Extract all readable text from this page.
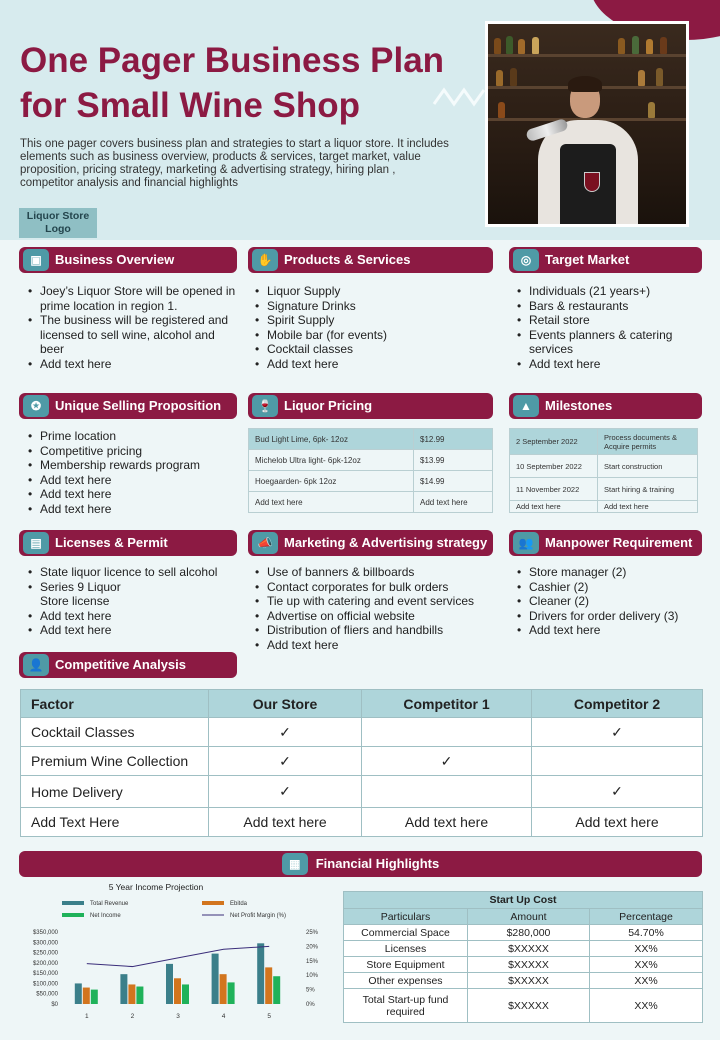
One Pager Business Plan for Small Wine Shop
This one pager covers business plan and strategies to start a liquor store. It includes elements such as business overview, products & services, target market, value proposition, pricing strategy, marketing & advertising strategy, hiring plan , competitor analysis and financial highlights
Liquor Store Logo
▣	Business Overview
• Joey’s Liquor Store will be opened in prime location in region 1.
• The business will be registered and licensed to sell wine, alcohol and beer
• Add text here
✋ Products & Services
• Liquor Supply
• Signature Drinks
• Spirit Supply
• Mobile bar (for events)
• Cocktail classes
• Add text here
◎	Target Market
• Individuals (21 years+)
• Bars & restaurants
• Retail store
• Events planners & catering services
• Add text here
✪	Unique Selling Proposition
• Prime location
• Competitive pricing
• Membership rewards program
• Add text here
• Add text here
• Add text here
🍷 Liquor Pricing
Bud Light Lime, 6pk- 12oz	$12.99
Michelob Ultra light- 6pk-12oz	$13.99
Hoegaarden- 6pk 12oz	$14.99
Add text here	Add text here
▲	Milestones
2 September 2022	Process documents & Acquire permits
10 September 2022	Start construction
11 November 2022	Start hiring & training
Add text here	Add text here
▤	Licenses & Permit
• State liquor licence to sell alcohol
• Series 9 Liquor Store license
• Add text here
• Add text here
📣 Marketing & Advertising strategy
• Use of banners & billboards
• Contact corporates for bulk orders
• Tie up with catering and event services
• Advertise on official website
• Distribution of fliers and handbills
• Add text here
👥 Manpower Requirement
• Store manager (2)
• Cashier (2)
• Cleaner (2)
• Drivers for order delivery (3)
• Add text here
👤 Competitive Analysis
Factor	Our Store	Competitor 1	Competitor 2
Cocktail Classes	✓		✓
Premium Wine Collection	✓	✓	
Home Delivery	✓		✓
Add Text Here	Add text here	Add text here	Add text here
▦ Financial Highlights
5 Year Income Projection
Total Revenue	Ebitda
Net Income	Net Profit Margin (%)
$0
$50,000
$100,000
$150,000
$200,000
$250,000
$300,000
$350,000
0%
5%
10%
15%
20%
25%
1	2	3	4	5
Start Up Cost		
Particulars	Amount	Percentage
Commercial Space	$280,000	54.70%
Licenses	$XXXXX	XX%
Store Equipment	$XXXXX	XX%
Other expenses	$XXXXX	XX%
Total Start-up fund required	$XXXXX	XX%
